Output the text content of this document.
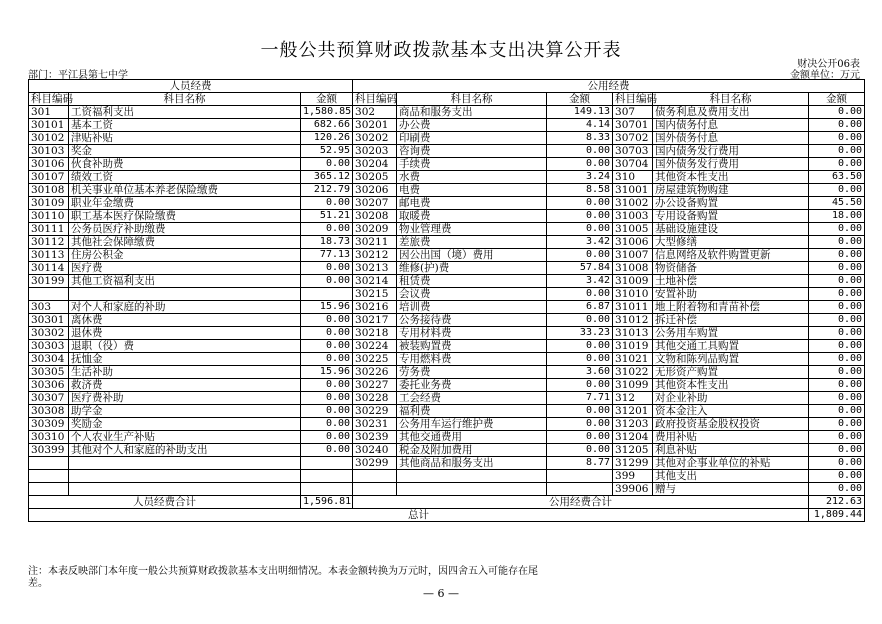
一般公共预算财政拨款基本支出决算公开表
财决公开06表
部门：平江县第七中学	金额单位：万元
人员经费			公用经费					
科目编码	科目名称	金额	科目编码	科目名称	金额	科目编码	科目名称	金额
301	工资福利支出	1,580.85	302	商品和服务支出	149.13	307	债务利息及费用支出	0.00
30101	基本工资	682.66	30201	办公费	4.14	30701	国内债务付息	0.00
30102	津贴补贴	120.26	30202	印刷费	8.33	30702	国外债务付息	0.00
30103	奖金	52.95	30203	咨询费	0.00	30703	国内债务发行费用	0.00
30106	伙食补助费	0.00	30204	手续费	0.00	30704	国外债务发行费用	0.00
30107	绩效工资	365.12	30205	水费	3.24	310	其他资本性支出	63.50
30108	机关事业单位基本养老保险缴费	212.79	30206	电费	8.58	31001	房屋建筑物购建	0.00
30109	职业年金缴费	0.00	30207	邮电费	0.00	31002	办公设备购置	45.50
30110	职工基本医疗保险缴费	51.21	30208	取暖费	0.00	31003	专用设备购置	18.00
30111	公务员医疗补助缴费	0.00	30209	物业管理费	0.00	31005	基础设施建设	0.00
30112	其他社会保障缴费	18.73	30211	差旅费	3.42	31006	大型修缮	0.00
30113	住房公积金	77.13	30212	因公出国（境）费用	0.00	31007	信息网络及软件购置更新	0.00
30114	医疗费	0.00	30213	维修(护)费	57.84	31008	物资储备	0.00
30199	其他工资福利支出	0.00	30214	租赁费	3.42	31009	土地补偿	0.00
			30215	会议费	0.00	31010	安置补助	0.00
303	对个人和家庭的补助	15.96	30216	培训费	6.87	31011	地上附着物和青苗补偿	0.00
30301	离休费	0.00	30217	公务接待费	0.00	31012	拆迁补偿	0.00
30302	退休费	0.00	30218	专用材料费	33.23	31013	公务用车购置	0.00
30303	退职（役）费	0.00	30224	被装购置费	0.00	31019	其他交通工具购置	0.00
30304	抚恤金	0.00	30225	专用燃料费	0.00	31021	文物和陈列品购置	0.00
30305	生活补助	15.96	30226	劳务费	3.60	31022	无形资产购置	0.00
30306	救济费	0.00	30227	委托业务费	0.00	31099	其他资本性支出	0.00
30307	医疗费补助	0.00	30228	工会经费	7.71	312	对企业补助	0.00
30308	助学金	0.00	30229	福利费	0.00	31201	资本金注入	0.00
30309	奖励金	0.00	30231	公务用车运行维护费	0.00	31203	政府投资基金股权投资	0.00
30310	个人农业生产补贴	0.00	30239	其他交通费用	0.00	31204	费用补贴	0.00
30399	其他对个人和家庭的补助支出	0.00	30240	税金及附加费用	0.00	31205	利息补贴	0.00
			30299	其他商品和服务支出	8.77	31299	其他对企事业单位的补贴	0.00
						399	其他支出	0.00
						39906	赠与	0.00
人员经费合计		1,596.81	公用经费合计					212.63
总计								1,809.44
注：本表反映部门本年度一般公共预算财政拨款基本支出明细情况。本表金额转换为万元时，因四舍五入可能存在尾差。
— 6 —
